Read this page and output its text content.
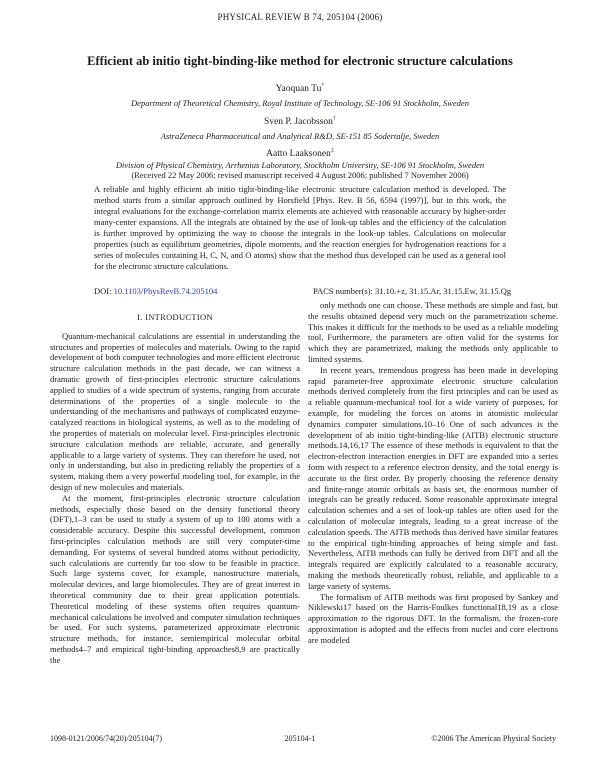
PHYSICAL REVIEW B 74, 205104 (2006)
Efficient ab initio tight-binding-like method for electronic structure calculations
Yaoquan Tu*
Department of Theoretical Chemistry, Royal Institute of Technology, SE-106 91 Stockholm, Sweden
Sven P. Jacobsson†
AstraZeneca Pharmaceutical and Analytical R&D, SE-151 85 Sodertalje, Sweden
Aatto Laaksonen‡
Division of Physical Chemistry, Arrhenius Laboratory, Stockholm University, SE-106 91 Stockholm, Sweden
(Received 22 May 2006; revised manuscript received 4 August 2006; published 7 November 2006)
A reliable and highly efficient ab initio tight-binding-like electronic structure calculation method is developed. The method starts from a similar approach outlined by Horsfield [Phys. Rev. B 56, 6594 (1997)], but in this work, the integral evaluations for the exchange-correlation matrix elements are achieved with reasonable accuracy by higher-order many-center expansions. All the integrals are obtained by the use of look-up tables and the efficiency of the calculation is further improved by optimizing the way to choose the integrals in the look-up tables. Calculations on molecular properties (such as equilibrium geometries, dipole moments, and the reaction energies for hydrogenation reactions for a series of molecules containing H, C, N, and O atoms) show that the method thus developed can be used as a general tool for the electronic structure calculations.
DOI: 10.1103/PhysRevB.74.205104	PACS number(s): 31.10.+z, 31.15.Ar, 31.15.Ew, 31.15.Qg
I. INTRODUCTION

Quantum-mechanical calculations are essential in understanding the structures and properties of molecules and materials. Owing to the rapid development of both computer technologies and more efficient electronic structure calculation methods in the past decade, we can witness a dramatic growth of first-principles electronic structure calculations applied to studies of a wide spectrum of systems, ranging from accurate determinations of the properties of a single molecule to the understanding of the mechanisms and pathways of complicated enzyme-catalyzed reactions in biological systems, as well as to the modeling of the properties of materials on molecular level. First-principles electronic structure calculation methods are reliable, accurate, and generally applicable to a large variety of systems. They can therefore be used, not only in understanding, but also in predicting reliably the properties of a system, making them a very powerful modeling tool, for example, in the design of new molecules and materials.

At the moment, first-principles electronic structure calculation methods, especially those based on the density functional theory (DFT),1–3 can be used to study a system of up to 100 atoms with a considerable accuracy. Despite this successful development, common first-principles calculation methods are still very computer-time demanding. For systems of several hundred atoms without periodicity, such calculations are currently far too slow to be feasible in practice. Such large systems cover, for example, nanostructure materials, molecular devices, and large biomolecules. They are of great interest in theoretical community due to their great application potentials. Theoretical modeling of these systems often requires quantum-mechanical calculations be involved and computer simulation techniques be used. For such systems, parameterized approximate electronic structure methods, for instance, semiempirical molecular orbital methods4–7 and empirical tight-binding approaches8,9 are practically the

only methods one can choose. These methods are simple and fast, but the results obtained depend very much on the parametrization scheme. This makes it difficult for the methods to be used as a reliable modeling tool. Furthermore, the parameters are often valid for the systems for which they are parametrized, making the methods only applicable to limited systems.

In recent years, tremendous progress has been made in developing rapid parameter-free approximate electronic structure calculation methods derived completely from the first principles and can be used as a reliable quantum-mechanical tool for a wide variety of purposes, for example, for modeling the forces on atoms in atomistic molecular dynamics computer simulations.10–16 One of such advances is the development of ab initio tight-binding-like (AITB) electronic structure methods.14,16,17 The essence of these methods is equivalent to that the electron-electron interaction energies in DFT are expanded into a series form with respect to a reference electron density, and the total energy is accurate to the first order. By properly choosing the reference density and finite-range atomic orbitals as basis set, the enormous number of integrals can be greatly reduced. Some reasonable approximate integral calculation schemes and a set of look-up tables are often used for the calculation of molecular integrals, leading to a great increase of the calculation speeds. The AITB methods thus derived have similar features to the empirical tight-binding approaches of being simple and fast. Nevertheless, AITB methods can fully be derived from DFT and all the integrals required are explicitly calculated to a reasonable accuracy, making the methods theoretically robust, reliable, and applicable to a large variety of systems.

The formalism of AITB methods was first proposed by Sankey and Niklewski17 based on the Harris-Foulkes functional18,19 as a close approximation to the rigorous DFT. In the formalism, the frozen-core approximation is adopted and the effects from nuclei and core electrons are modeled

1098-0121/2006/74(20)/205104(7)	205104-1	©2006 The American Physical Society
